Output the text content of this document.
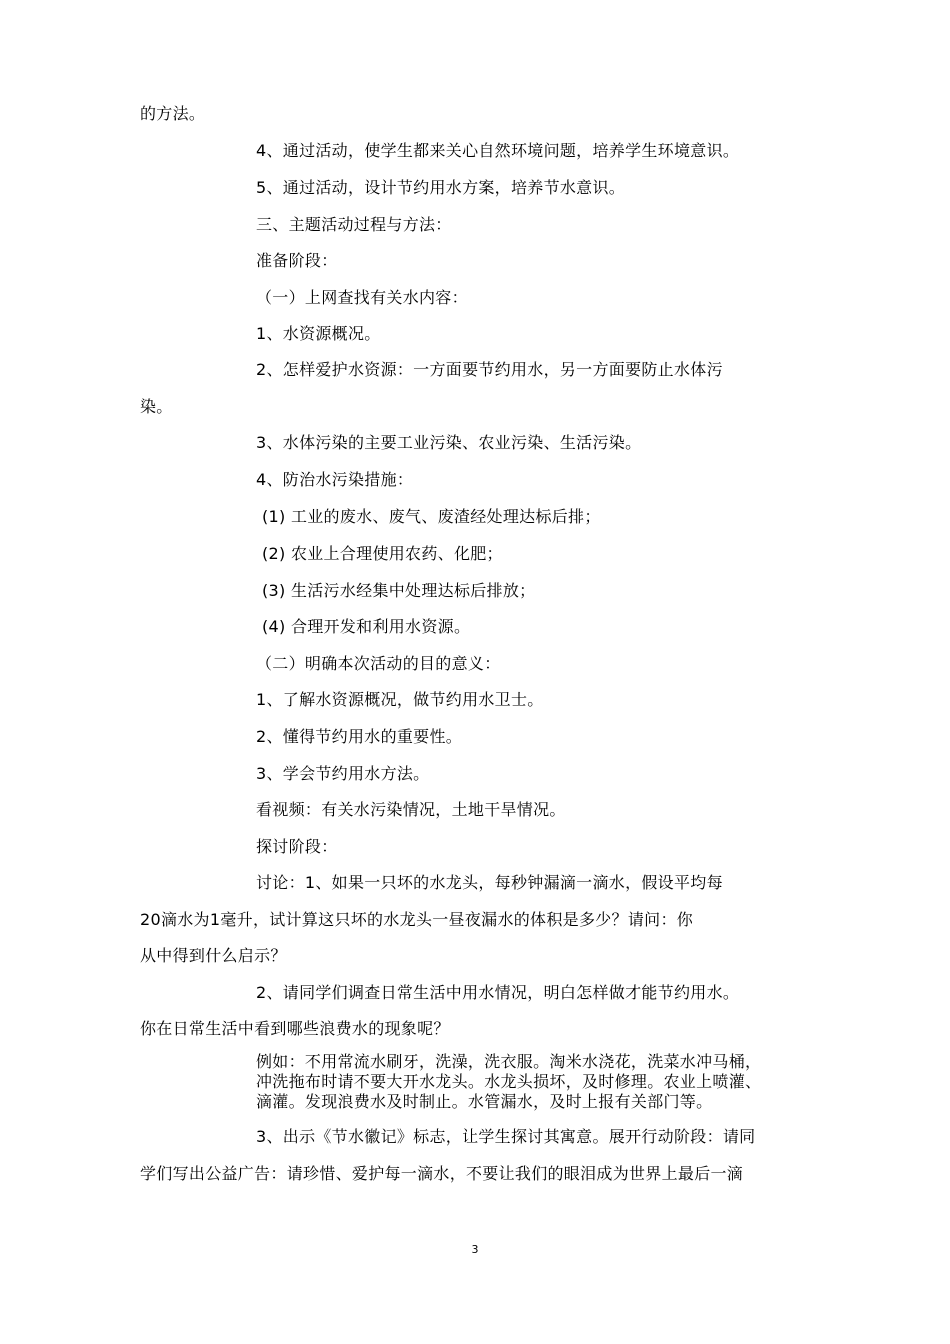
的方法。
4、通过活动，使学生都来关心自然环境问题，培养学生环境意识。
5、通过活动，设计节约用水方案，培养节水意识。
三、主题活动过程与方法：
准备阶段：
（一）上网查找有关水内容：
1、水资源概况。
2、怎样爱护水资源：一方面要节约用水，另一方面要防止水体污
染。
3、水体污染的主要工业污染、农业污染、生活污染。
4、防治水污染措施：
(1) 工业的废水、废气、废渣经处理达标后排；
(2) 农业上合理使用农药、化肥；
(3) 生活污水经集中处理达标后排放；
(4) 合理开发和利用水资源。
（二）明确本次活动的目的意义：
1、了解水资源概况，做节约用水卫士。
2、懂得节约用水的重要性。
3、学会节约用水方法。
看视频：有关水污染情况，土地干旱情况。
探讨阶段：
讨论：1、如果一只坏的水龙头，每秒钟漏滴一滴水，假设平均每
20滴水为1毫升，试计算这只坏的水龙头一昼夜漏水的体积是多少？请问：你
从中得到什么启示？
2、请同学们调查日常生活中用水情况，明白怎样做才能节约用水。
你在日常生活中看到哪些浪费水的现象呢？
例如：不用常流水刷牙，洗澡，洗衣服。淘米水浇花，洗菜水冲马桶，
冲洗拖布时请不要大开水龙头。水龙头损坏，及时修理。农业上喷灌、
滴灌。发现浪费水及时制止。水管漏水，及时上报有关部门等。
3、出示《节水徽记》标志，让学生探讨其寓意。展开行动阶段：请同
学们写出公益广告：请珍惜、爱护每一滴水，不要让我们的眼泪成为世界上最后一滴
3
